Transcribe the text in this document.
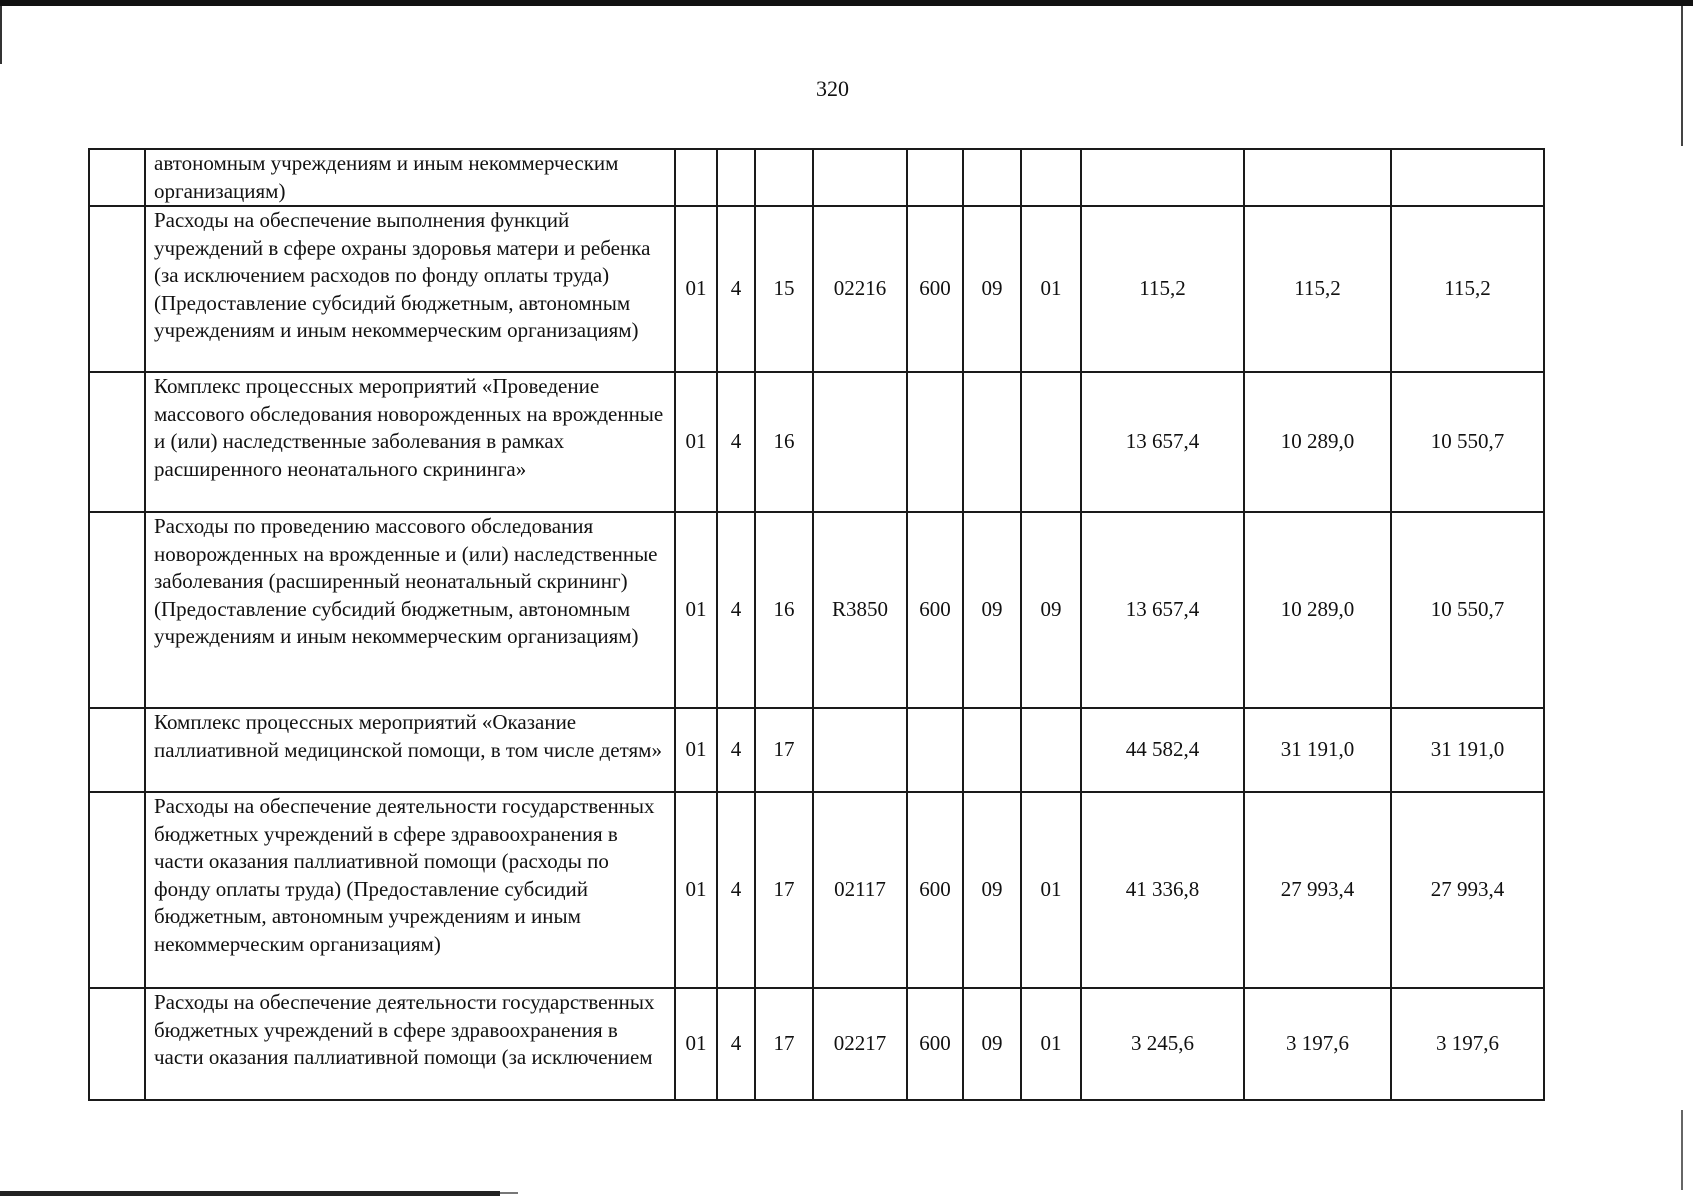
320
	автономным учреждениям и иным некоммерческим организациям)										
	Расходы на обеспечение выполнения функций учреждений в сфере охраны здоровья матери и ребенка (за исключением расходов по фонду оплаты труда) (Предоставление субсидий бюджетным, автономным учреждениям и иным некоммерческим организациям)	01	4	15	02216	600	09	01	115,2	115,2	115,2
	Комплекс процессных мероприятий «Проведение массового обследования новорожденных на врожденные и (или) наследственные заболевания в рамках расширенного неонатального скрининга»	01	4	16					13 657,4	10 289,0	10 550,7
	Расходы по проведению массового обследования новорожденных на врожденные и (или) наследственные заболевания (расширенный неонатальный скрининг) (Предоставление субсидий бюджетным, автономным учреждениям и иным некоммерческим организациям)	01	4	16	R3850	600	09	09	13 657,4	10 289,0	10 550,7
	Комплекс процессных мероприятий «Оказание паллиативной медицинской помощи, в том числе детям»	01	4	17					44 582,4	31 191,0	31 191,0
	Расходы на обеспечение деятельности государственных бюджетных учреждений в сфере здравоохранения в части оказания паллиативной помощи (расходы по фонду оплаты труда) (Предоставление субсидий бюджетным, автономным учреждениям и иным некоммерческим организациям)	01	4	17	02117	600	09	01	41 336,8	27 993,4	27 993,4
	Расходы на обеспечение деятельности государственных бюджетных учреждений в сфере здравоохранения в части оказания паллиативной помощи (за исключением	01	4	17	02217	600	09	01	3 245,6	3 197,6	3 197,6
